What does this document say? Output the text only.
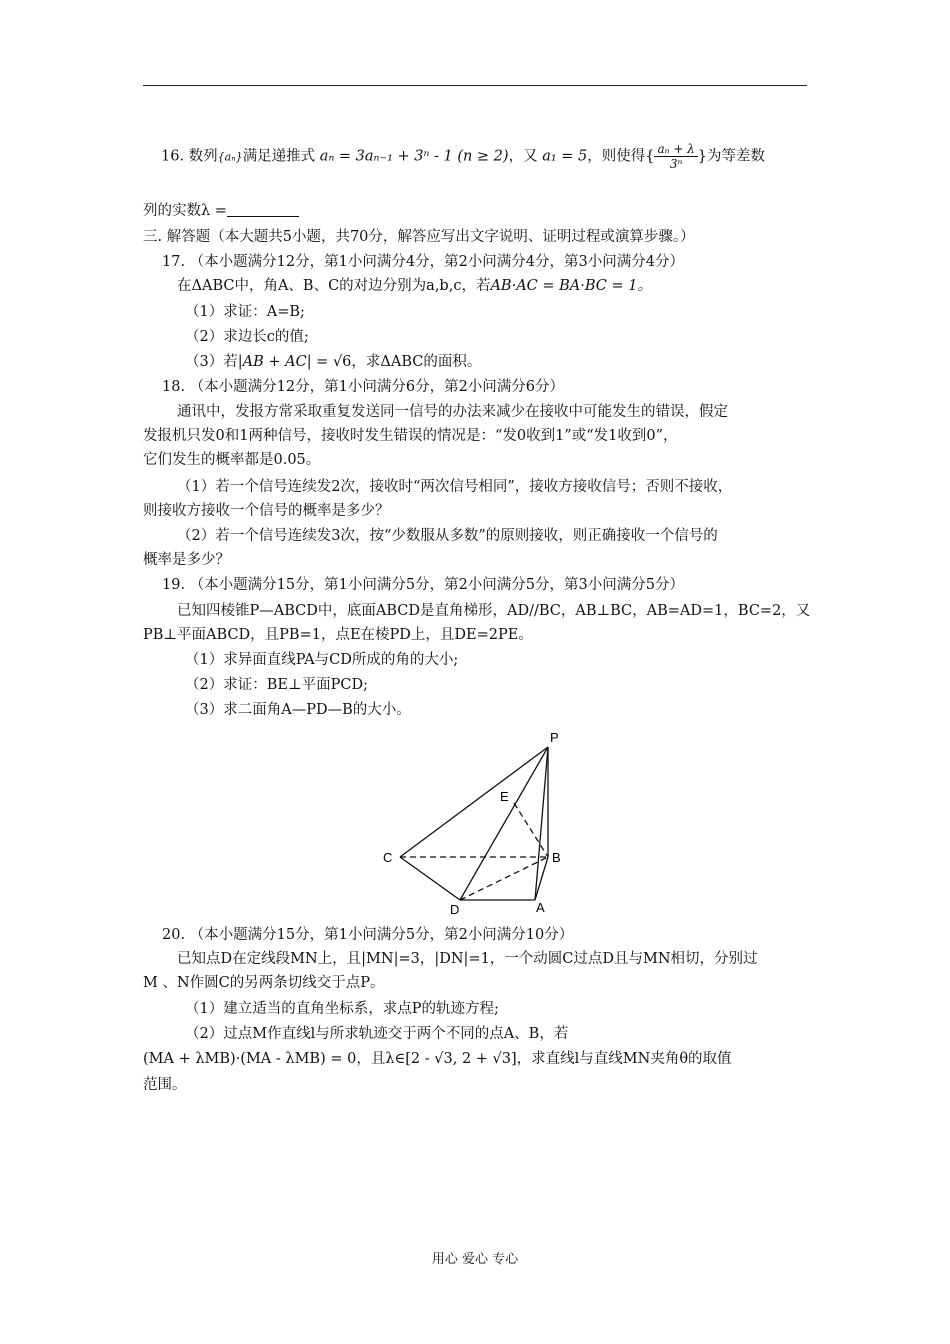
16. 数列{aₙ}满足递推式 aₙ = 3aₙ₋₁ + 3ⁿ - 1 (n ≥ 2)，又 a₁ = 5，则使得{ $\frac{\text{aₙ + λ}}{\text{3ⁿ}}$ }为等差数
列的实数λ =
三. 解答题（本大题共5小题，共70分，解答应写出文字说明、证明过程或演算步骤。）
17. （本小题满分12分，第1小问满分4分，第2小问满分4分，第3小问满分4分）
在ΔABC中，角A、B、C的对边分别为a,b,c，若AB·AC = BA·BC = 1。
（1）求证：A=B;
（2）求边长c的值;
（3）若|AB + AC| = √6，求ΔABC的面积。
18. （本小题满分12分，第1小问满分6分，第2小问满分6分）
通讯中，发报方常采取重复发送同一信号的办法来减少在接收中可能发生的错误，假定
发报机只发0和1两种信号，接收时发生错误的情况是：“发0收到1”或“发1收到0”，
它们发生的概率都是0.05。
（1）若一个信号连续发2次，接收时“两次信号相同”，接收方接收信号；否则不接收，
则接收方接收一个信号的概率是多少？
（2）若一个信号连续发3次，按“少数服从多数”的原则接收，则正确接收一个信号的
概率是多少？
19. （本小题满分15分，第1小问满分5分，第2小问满分5分，第3小问满分5分）
已知四棱锥P—ABCD中，底面ABCD是直角梯形，AD//BC，AB⊥BC，AB=AD=1，BC=2，又
PB⊥平面ABCD，且PB=1，点E在棱PD上，且DE=2PE。
（1）求异面直线PA与CD所成的角的大小;
（2）求证：BE⊥平面PCD;
（3）求二面角A—PD—B的大小。
P
E
C	B
D	A
20. （本小题满分15分，第1小问满分5分，第2小问满分10分）
已知点D在定线段MN上，且|MN|=3，|DN|=1，一个动圆C过点D且与MN相切，分别过
M 、N作圆C的另两条切线交于点P。
（1）建立适当的直角坐标系，求点P的轨迹方程;
（2）过点M作直线l与所求轨迹交于两个不同的点A、B，若
(MA + λMB)·(MA - λMB) = 0，且λ∈[2 - √3, 2 + √3]，求直线l与直线MN夹角θ的取值
范围。
用心 爱心 专心
